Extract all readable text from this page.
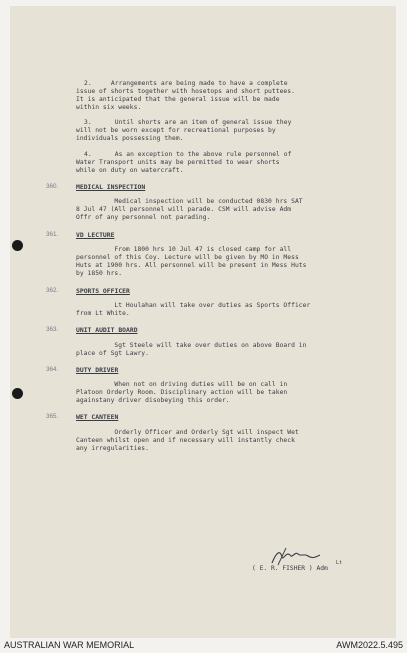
2.     Arrangements are being made to have a complete
issue of shorts together with hosetops and short puttees.
It is anticipated that the general issue will be made
within six weeks.
3.      Until shorts are an item of general issue they
will not be worn except for recreational purposes by
individuals possessing them.
4.      As an exception to the above rule personnel of
Water Transport units may be permitted to wear shorts
while on duty on watercraft.
360.	MEDICAL INSPECTION
Medical inspection will be conducted 0830 hrs SAT
8 Jul 47 (All personnel will parade. CSM will advise Adm
Offr of any personnel not parading.
361.	VD LECTURE
From 1800 hrs 10 Jul 47 is closed camp for all
personnel of this Coy. Lecture will be given by MO in Mess
Huts at 1900 hrs. All personnel will be present in Mess Huts
by 1850 hrs.
362.	SPORTS OFFICER
Lt Houlahan will take over duties as Sports Officer
from Lt White.
363.	UNIT AUDIT BOARD
Sgt Steele will take over duties on above Board in
place of Sgt Lawry.
364.	DUTY DRIVER
When not on driving duties will be on call in
Platoon Orderly Room. Disciplinary action will be taken
againstany driver disobeying this order.
365.	WET CANTEEN
Orderly Officer and Orderly Sgt will inspect Wet
Canteen whilst open and if necessary will instantly check
any irregularities.
Lt
( E. R. FISHER ) Adm
AUSTRALIAN WAR MEMORIAL	AWM2022.5.495
